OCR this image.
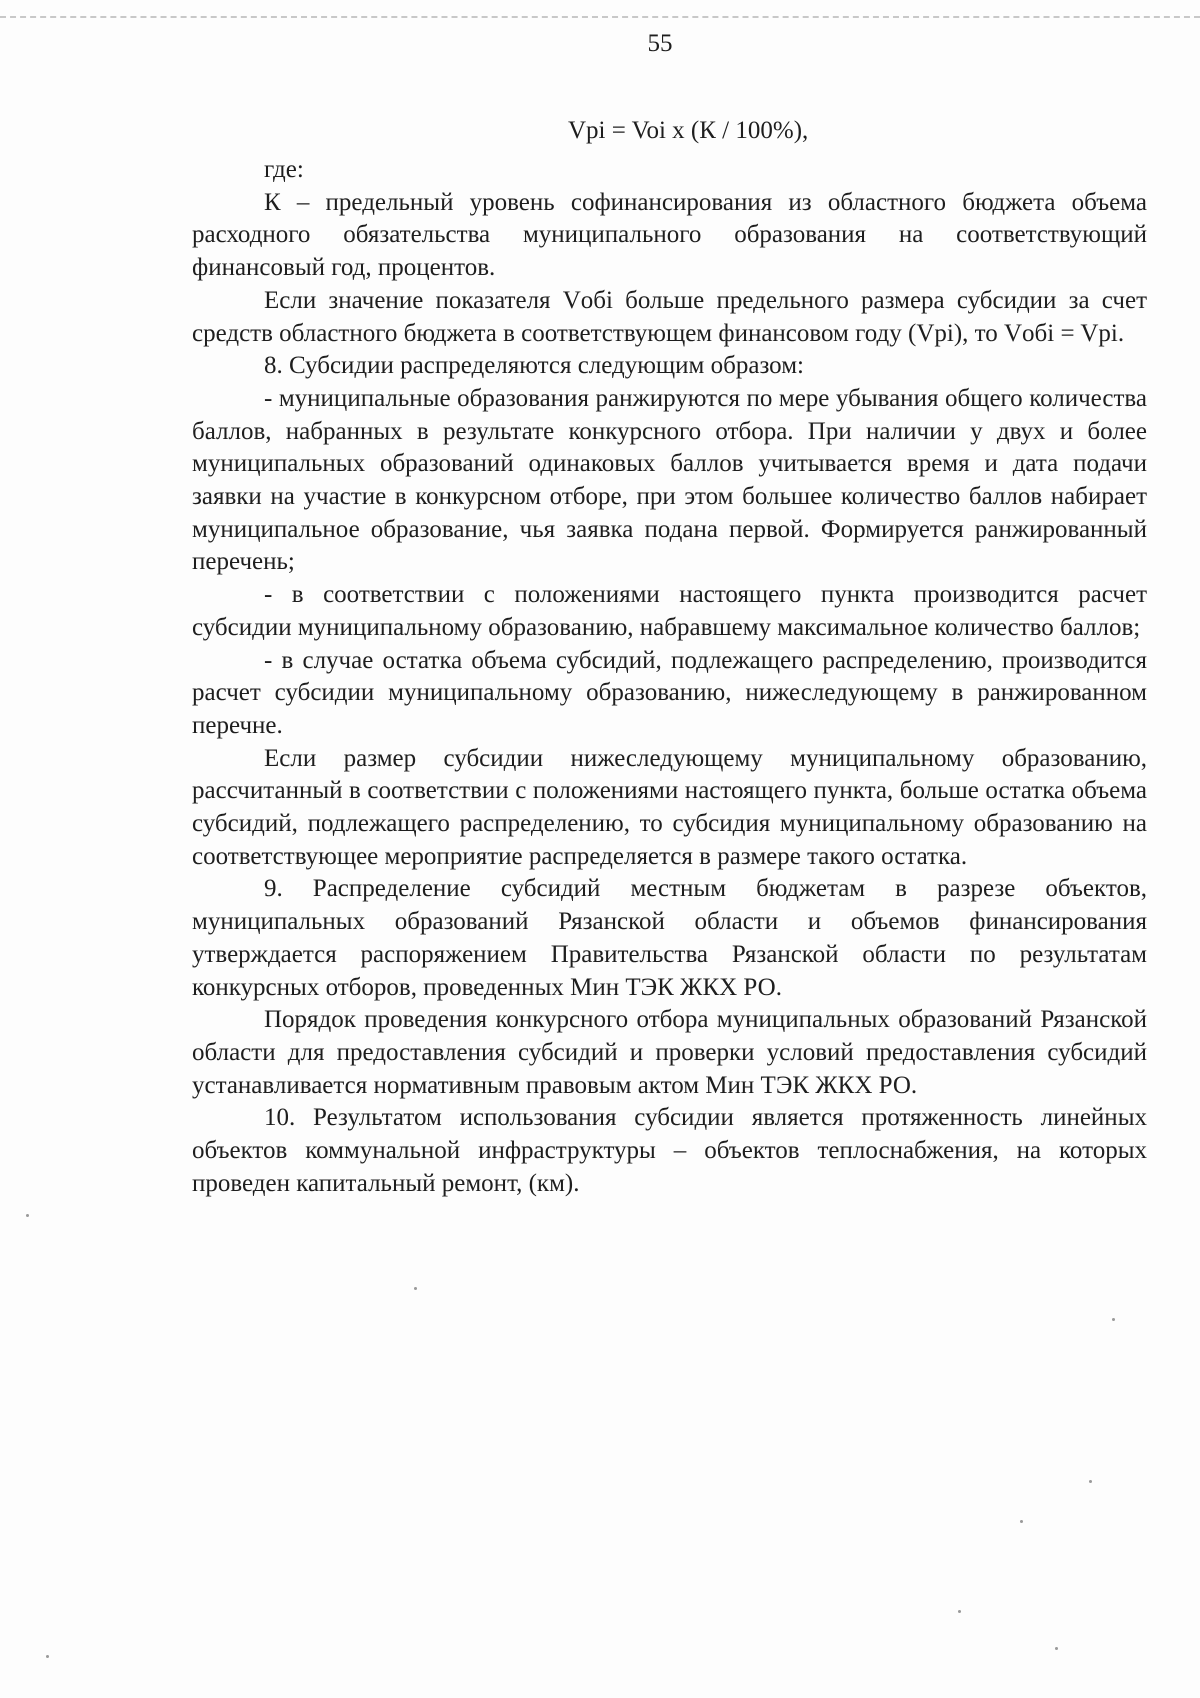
55
Vpi = Voi x (К / 100%),

где:

К – предельный уровень софинансирования из областного бюджета объема расходного обязательства муниципального образования на соответствующий финансовый год, процентов.

Если значение показателя Vобi больше предельного размера субсидии за счет средств областного бюджета в соответствующем финансовом году (Vpi), то Vобi = Vpi.

8. Субсидии распределяются следующим образом:

- муниципальные образования ранжируются по мере убывания общего количества баллов, набранных в результате конкурсного отбора. При наличии у двух и более муниципальных образований одинаковых баллов учитывается время и дата подачи заявки на участие в конкурсном отборе, при этом большее количество баллов набирает муниципальное образование, чья заявка подана первой. Формируется ранжированный перечень;

- в соответствии с положениями настоящего пункта производится расчет субсидии муниципальному образованию, набравшему максимальное количество баллов;

- в случае остатка объема субсидий, подлежащего распределению, производится расчет субсидии муниципальному образованию, нижеследующему в ранжированном перечне.

Если размер субсидии нижеследующему муниципальному образованию, рассчитанный в соответствии с положениями настоящего пункта, больше остатка объема субсидий, подлежащего распределению, то субсидия муниципальному образованию на соответствующее мероприятие распределяется в размере такого остатка.

9. Распределение субсидий местным бюджетам в разрезе объектов, муниципальных образований Рязанской области и объемов финансирования утверждается распоряжением Правительства Рязанской области по результатам конкурсных отборов, проведенных Мин ТЭК ЖКХ РО.

Порядок проведения конкурсного отбора муниципальных образований Рязанской области для предоставления субсидий и проверки условий предоставления субсидий устанавливается нормативным правовым актом Мин ТЭК ЖКХ РО.

10. Результатом использования субсидии является протяженность линейных объектов коммунальной инфраструктуры – объектов теплоснабжения, на которых проведен капитальный ремонт, (км).
